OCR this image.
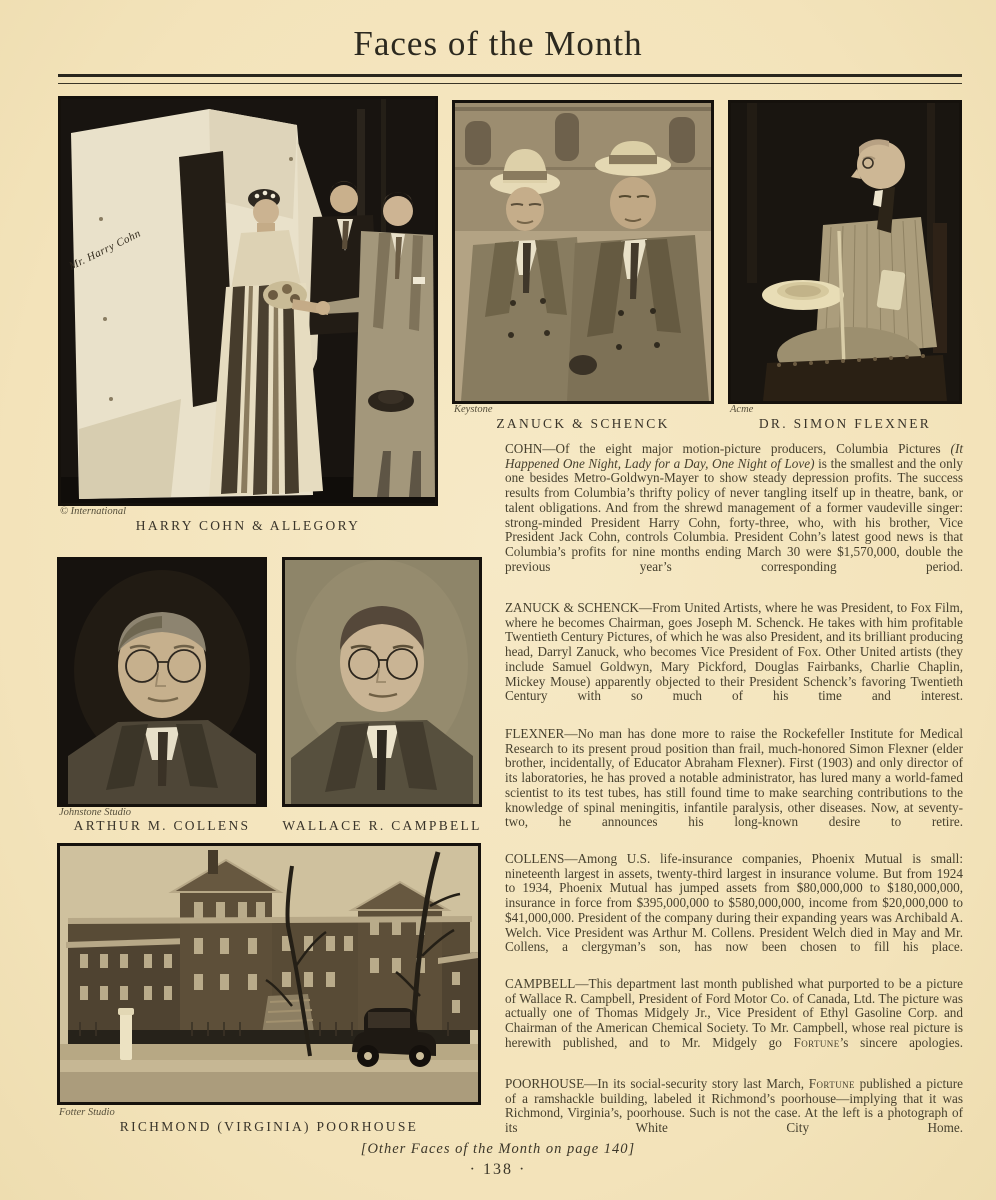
Faces of the Month
Mr. Harry Cohn
© International
HARRY COHN & ALLEGORY
Keystone
ZANUCK & SCHENCK
Acme
DR. SIMON FLEXNER
Johnstone Studio
ARTHUR M. COLLENS	WALLACE R. CAMPBELL
Fotter Studio
RICHMOND (VIRGINIA) POORHOUSE

COHN—Of the eight major motion-picture producers, Columbia Pictures (It Happened One Night, Lady for a Day, One Night of Love) is the smallest and the only one besides Metro-Goldwyn-Mayer to show steady depression profits. The success results from Columbia’s thrifty policy of never tangling itself up in theatre, bank, or talent obligations. And from the shrewd management of a former vaudeville singer: strong-minded President Harry Cohn, forty-three, who, with his brother, Vice President Jack Cohn, controls Columbia. President Cohn’s latest good news is that Columbia’s profits for nine months ending March 30 were $1,570,000, double the previous year’s corresponding period.

ZANUCK & SCHENCK—From United Artists, where he was President, to Fox Film, where he becomes Chairman, goes Joseph M. Schenck. He takes with him profitable Twentieth Century Pictures, of which he was also President, and its brilliant producing head, Darryl Zanuck, who becomes Vice President of Fox. Other United artists (they include Samuel Goldwyn, Mary Pickford, Douglas Fairbanks, Charlie Chaplin, Mickey Mouse) apparently objected to their President Schenck’s favoring Twentieth Century with so much of his time and interest.

FLEXNER—No man has done more to raise the Rockefeller Institute for Medical Research to its present proud position than frail, much-honored Simon Flexner (elder brother, incidentally, of Educator Abraham Flexner). First (1903) and only director of its laboratories, he has proved a notable administrator, has lured many a world-famed scientist to its test tubes, has still found time to make searching contributions to the knowledge of spinal meningitis, infantile paralysis, other diseases. Now, at seventy-two, he announces his long-known desire to retire.

COLLENS—Among U.S. life-insurance companies, Phoenix Mutual is small: nineteenth largest in assets, twenty-third largest in insurance volume. But from 1924 to 1934, Phoenix Mutual has jumped assets from $80,000,000 to $180,000,000, insurance in force from $395,000,000 to $580,000,000, income from $20,000,000 to $41,000,000. President of the company during their expanding years was Archibald A. Welch. Vice President was Arthur M. Collens. President Welch died in May and Mr. Collens, a clergyman’s son, has now been chosen to fill his place.

CAMPBELL—This department last month published what purported to be a picture of Wallace R. Campbell, President of Ford Motor Co. of Canada, Ltd. The picture was actually one of Thomas Midgely Jr., Vice President of Ethyl Gasoline Corp. and Chairman of the American Chemical Society. To Mr. Campbell, whose real picture is herewith published, and to Mr. Midgely go Fortune’s sincere apologies.

POORHOUSE—In its social-security story last March, Fortune published a picture of a ramshackle building, labeled it Richmond’s poorhouse—implying that it was Richmond, Virginia’s, poorhouse. Such is not the case. At the left is a photograph of its White City Home.

[Other Faces of the Month on page 140]
· 138 ·
